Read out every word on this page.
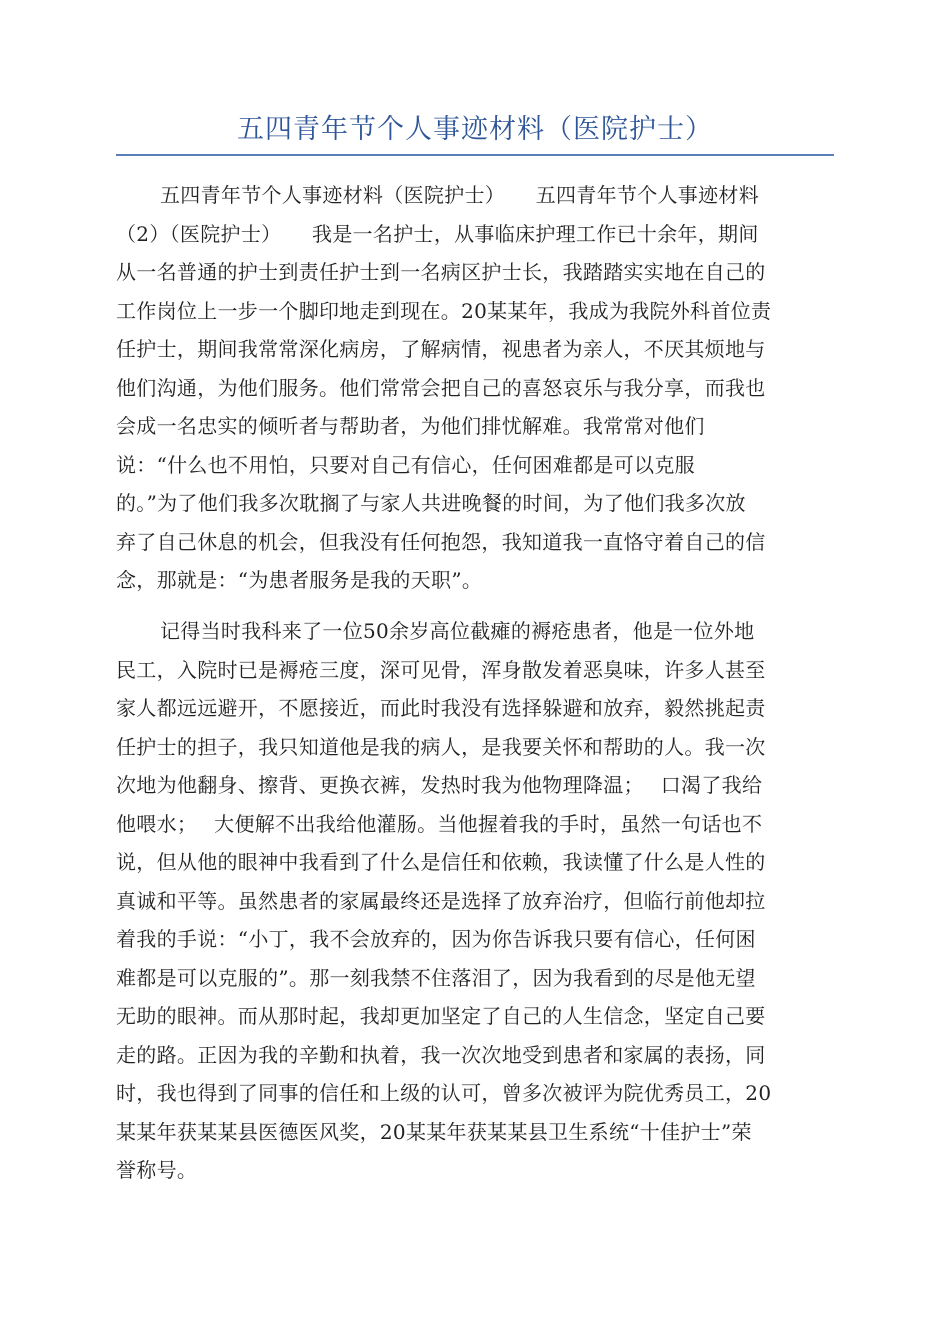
五四青年节个人事迹材料（医院护士）
五四青年节个人事迹材料（医院护士）　　五四青年节个人事迹材料
（2）（医院护士）　　我是一名护士，从事临床护理工作已十余年，期间
从一名普通的护士到责任护士到一名病区护士长，我踏踏实实地在自己的
工作岗位上一步一个脚印地走到现在。20某某年，我成为我院外科首位责
任护士，期间我常常深化病房，了解病情，视患者为亲人，不厌其烦地与
他们沟通，为他们服务。他们常常会把自己的喜怒哀乐与我分享，而我也
会成一名忠实的倾听者与帮助者，为他们排忧解难。我常常对他们
说：“什么也不用怕，只要对自己有信心，任何困难都是可以克服
的。”为了他们我多次耽搁了与家人共进晚餐的时间，为了他们我多次放
弃了自己休息的机会，但我没有任何抱怨，我知道我一直恪守着自己的信
念，那就是：“为患者服务是我的天职”。
记得当时我科来了一位50余岁高位截瘫的褥疮患者，他是一位外地
民工，入院时已是褥疮三度，深可见骨，浑身散发着恶臭味，许多人甚至
家人都远远避开，不愿接近，而此时我没有选择躲避和放弃，毅然挑起责
任护士的担子，我只知道他是我的病人，是我要关怀和帮助的人。我一次
次地为他翻身、擦背、更换衣裤，发热时我为他物理降温；　 口渴了我给
他喂水；　 大便解不出我给他灌肠。当他握着我的手时，虽然一句话也不
说，但从他的眼神中我看到了什么是信任和依赖，我读懂了什么是人性的
真诚和平等。虽然患者的家属最终还是选择了放弃治疗，但临行前他却拉
着我的手说：“小丁，我不会放弃的，因为你告诉我只要有信心，任何困
难都是可以克服的”。那一刻我禁不住落泪了，因为我看到的尽是他无望
无助的眼神。而从那时起，我却更加坚定了自己的人生信念，坚定自己要
走的路。正因为我的辛勤和执着，我一次次地受到患者和家属的表扬，同
时，我也得到了同事的信任和上级的认可，曾多次被评为院优秀员工，20
某某年获某某县医德医风奖，20某某年获某某县卫生系统“十佳护士”荣
誉称号。
